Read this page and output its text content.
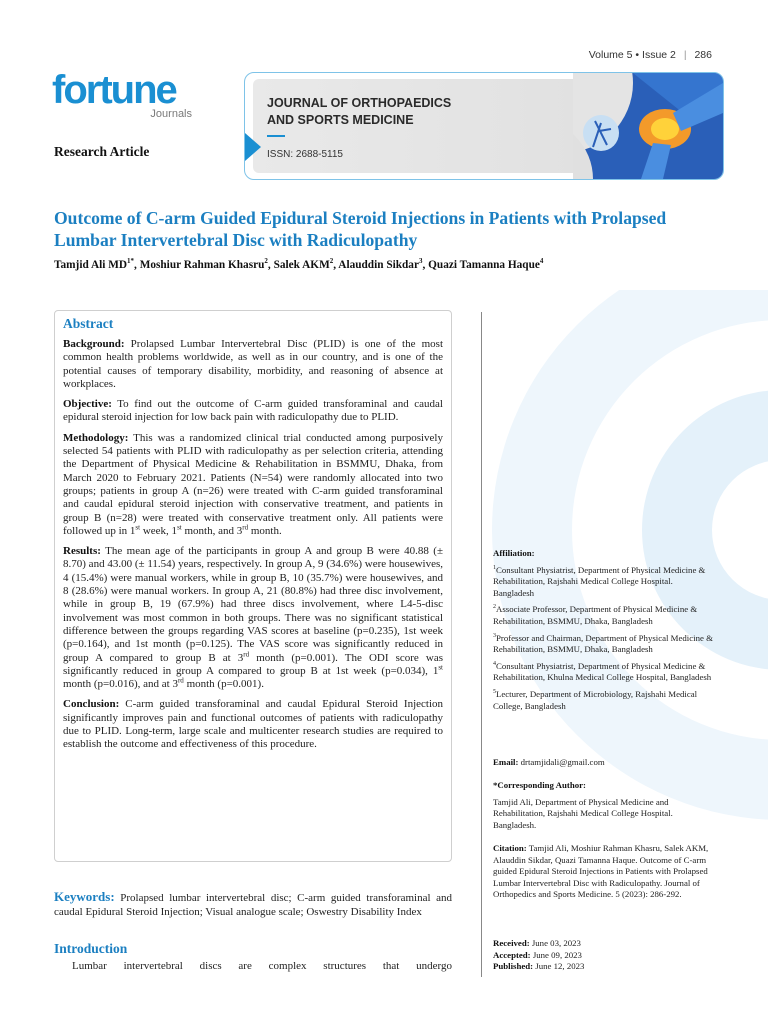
Volume 5 • Issue 2 | 286
fortune
Journals
Research Article
JOURNAL OF ORTHOPAEDICS
AND SPORTS MEDICINE
ISSN: 2688-5115
Outcome of C-arm Guided Epidural Steroid Injections in Patients with Prolapsed Lumbar Intervertebral Disc with Radiculopathy
Tamjid Ali $MD^{1*}$, Moshiur Rahman Khasru$^2$, Salek AKM$^2$, Alauddin Sikdar$^3$, Quazi Tamanna Haque$^4$
Abstract

Background: Prolapsed Lumbar Intervertebral Disc (PLID) is one of the most common health problems worldwide, as well as in our country, and is one of the potential causes of temporary disability, morbidity, and reasoning of absence at workplaces.

Objective: To find out the outcome of C-arm guided transforaminal and caudal epidural steroid injection for low back pain with radiculopathy due to PLID.

Methodology: This was a randomized clinical trial conducted among purposively selected 54 patients with PLID with radiculopathy as per selection criteria, attending the Department of Physical Medicine & Rehabilitation in BSMMU, Dhaka, from March 2020 to February 2021. Patients (N=54) were randomly allocated into two groups; patients in group A (n=26) were treated with C-arm guided transforaminal and caudal epidural steroid injection with conservative treatment, and patients in group B (n=28) were treated with conservative treatment only. All patients were followed up in 1st week, 1st month, and 3rd month.

Results: The mean age of the participants in group A and group B were 40.88 (± 8.70) and 43.00 (± 11.54) years, respectively. In group A, 9 (34.6%) were housewives, 4 (15.4%) were manual workers, while in group B, 10 (35.7%) were housewives, and 8 (28.6%) were manual workers. In group A, 21 (80.8%) had three disc involvement, while in group B, 19 (67.9%) had three discs involvement, where L4-5-disc involvement was most common in both groups. There was no significant statistical difference between the groups regarding VAS scores at baseline (p=0.235), 1st week (p=0.164), and 1st month (p=0.125). The VAS score was significantly reduced in group A compared to group B at 3rd month (p=0.001). The ODI score was significantly reduced in group A compared to group B at 1st week (p=0.034), 1st month (p=0.016), and at 3rd month (p=0.001).

Conclusion: C-arm guided transforaminal and caudal Epidural Steroid Injection significantly improves pain and functional outcomes of patients with radiculopathy due to PLID. Long-term, large scale and multicenter research studies are required to establish the outcome and effectiveness of this procedure.

Keywords: Prolapsed lumbar intervertebral disc; C-arm guided transforaminal and caudal Epidural Steroid Injection; Visual analogue scale; Oswestry Disability Index
Introduction
Lumbar intervertebral discs are complex structures that undergo

Affiliation:

$^1$Consultant Physiatrist, Department of Physical Medicine & Rehabilitation, Rajshahi Medical College Hospital. Bangladesh

$^2$Associate Professor, Department of Physical Medicine & Rehabilitation, BSMMU, Dhaka, Bangladesh

$^3$Professor and Chairman, Department of Physical Medicine & Rehabilitation, BSMMU, Dhaka, Bangladesh

$^4$Consultant Physiatrist, Department of Physical Medicine & Rehabilitation, Khulna Medical College Hospital, Bangladesh

$^5$Lecturer, Department of Microbiology, Rajshahi Medical College, Bangladesh

Email: drtamjidali@gmail.com

*Corresponding Author:

Tamjid Ali, Department of Physical Medicine and Rehabilitation, Rajshahi Medical College Hospital. Bangladesh.

Citation: Tamjid Ali, Moshiur Rahman Khasru, Salek AKM, Alauddin Sikdar, Quazi Tamanna Haque. Outcome of C-arm guided Epidural Steroid Injections in Patients with Prolapsed Lumbar Intervertebral Disc with Radiculopathy. Journal of Orthopedics and Sports Medicine. 5 (2023): 286-292.

Received: June 03, 2023

Accepted: June 09, 2023

Published: June 12, 2023
